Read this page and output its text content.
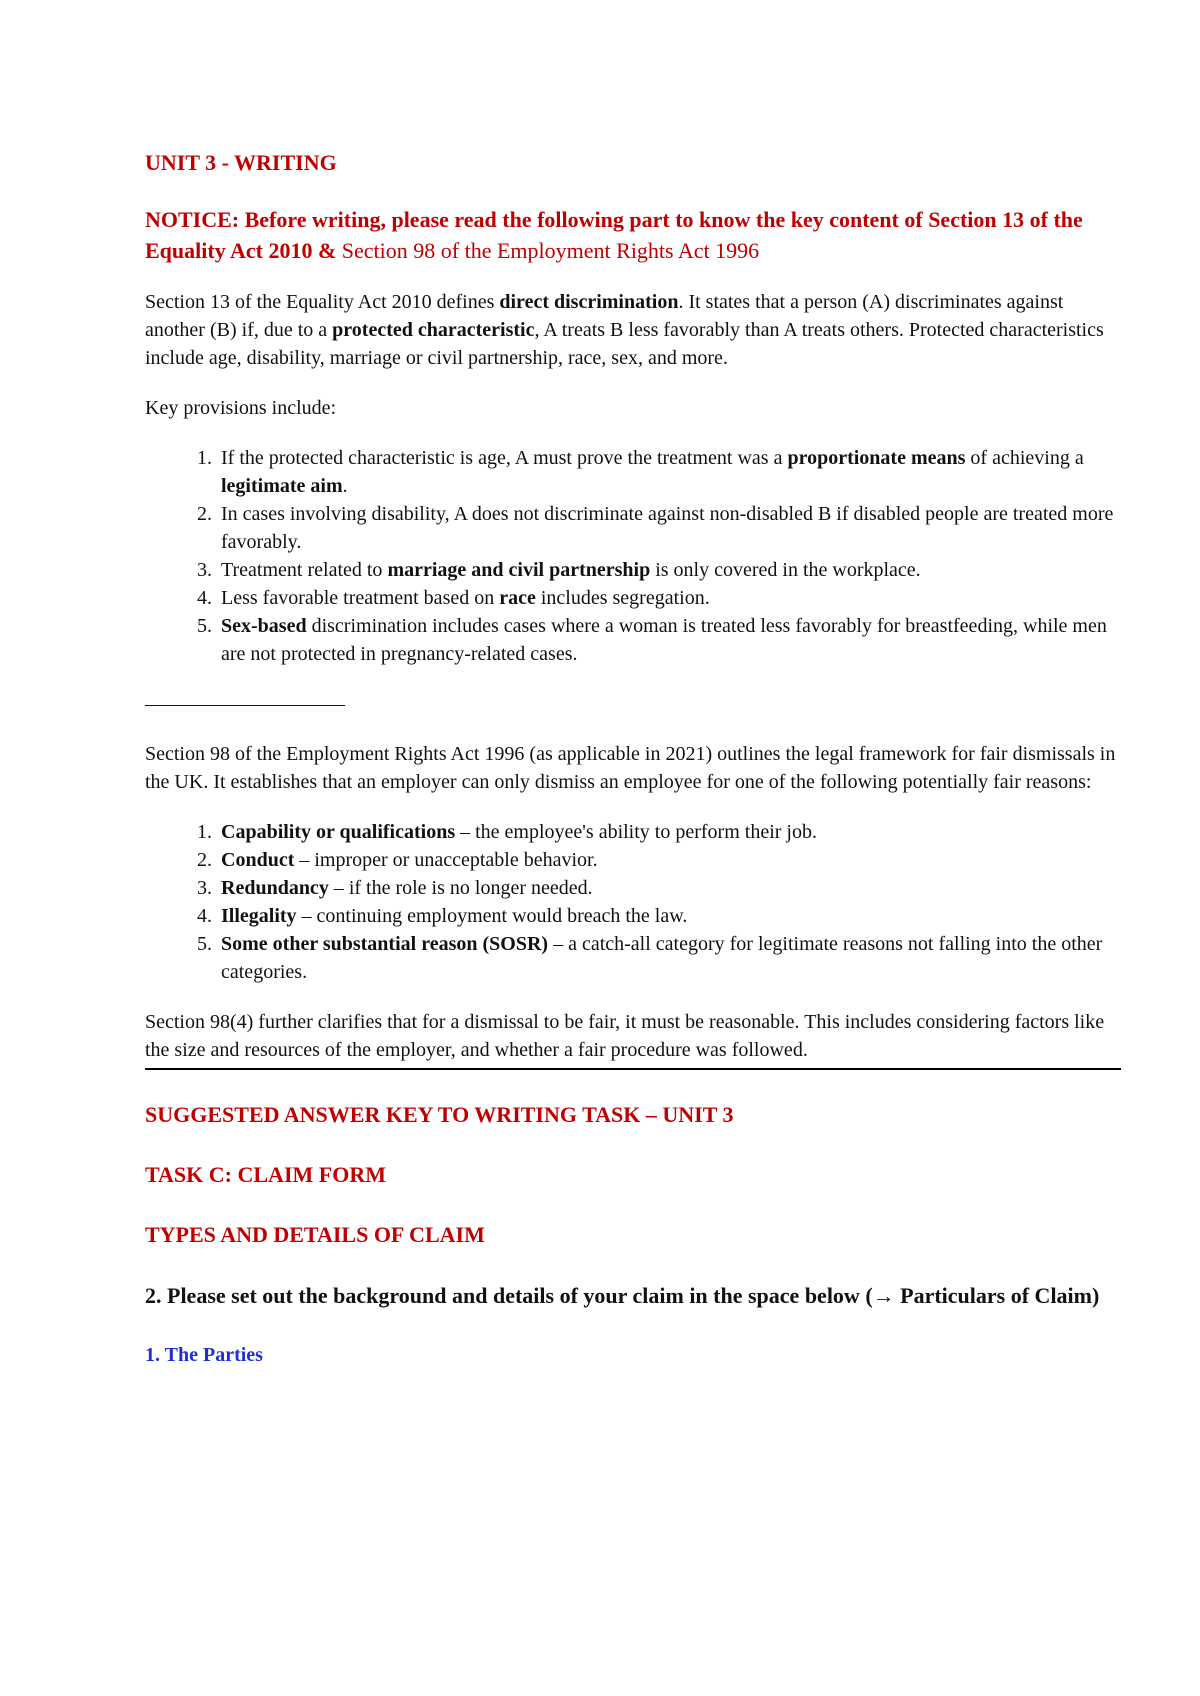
UNIT 3 - WRITING

NOTICE: Before writing, please read the following part to know the key content of Section 13 of the Equality Act 2010 & Section 98 of the Employment Rights Act 1996

Section 13 of the Equality Act 2010 defines direct discrimination. It states that a person (A) discriminates against another (B) if, due to a protected characteristic, A treats B less favorably than A treats others. Protected characteristics include age, disability, marriage or civil partnership, race, sex, and more.

Key provisions include:

1. If the protected characteristic is age, A must prove the treatment was a proportionate means of achieving a legitimate aim.
2. In cases involving disability, A does not discriminate against non-disabled B if disabled people are treated more favorably.
3. Treatment related to marriage and civil partnership is only covered in the workplace.
4. Less favorable treatment based on race includes segregation.
5. Sex-based discrimination includes cases where a woman is treated less favorably for breastfeeding, while men are not protected in pregnancy-related cases.

——————————

Section 98 of the Employment Rights Act 1996 (as applicable in 2021) outlines the legal framework for fair dismissals in the UK. It establishes that an employer can only dismiss an employee for one of the following potentially fair reasons:

1. Capability or qualifications – the employee's ability to perform their job.
2. Conduct – improper or unacceptable behavior.
3. Redundancy – if the role is no longer needed.
4. Illegality – continuing employment would breach the law.
5. Some other substantial reason (SOSR) – a catch-all category for legitimate reasons not falling into the other categories.

Section 98(4) further clarifies that for a dismissal to be fair, it must be reasonable. This includes considering factors like the size and resources of the employer, and whether a fair procedure was followed.

SUGGESTED ANSWER KEY TO WRITING TASK – UNIT 3

TASK C: CLAIM FORM

TYPES AND DETAILS OF CLAIM

2. Please set out the background and details of your claim in the space below (→ Particulars of Claim)

1. The Parties
